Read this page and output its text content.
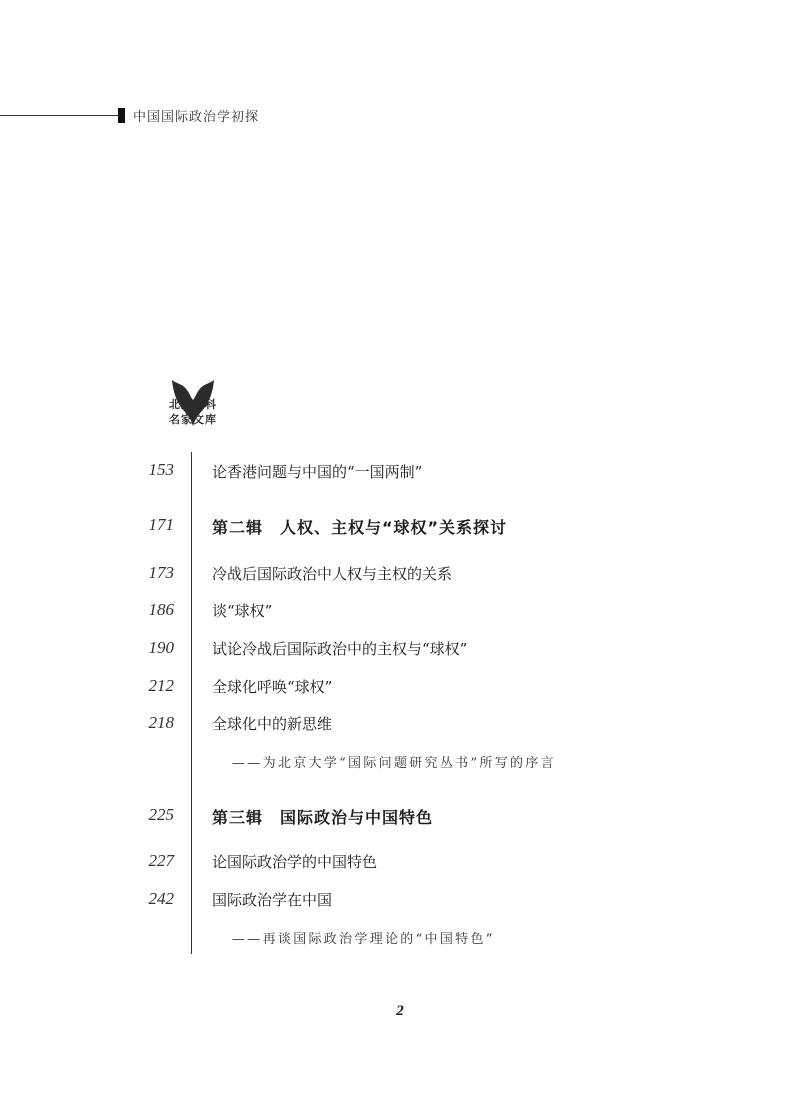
中国国际政治学初探
北京社科
名家文库
153	论香港问题与中国的“一国两制”
171 第二辑　人权、主权与“球权”关系探讨
173	冷战后国际政治中人权与主权的关系
186	谈“球权”
190	试论冷战后国际政治中的主权与“球权”
212	全球化呼唤“球权”
218	全球化中的新思维
——为北京大学“国际问题研究丛书”所写的序言
225 第三辑　国际政治与中国特色
227	论国际政治学的中国特色
242	国际政治学在中国
——再谈国际政治学理论的“中国特色”
2
